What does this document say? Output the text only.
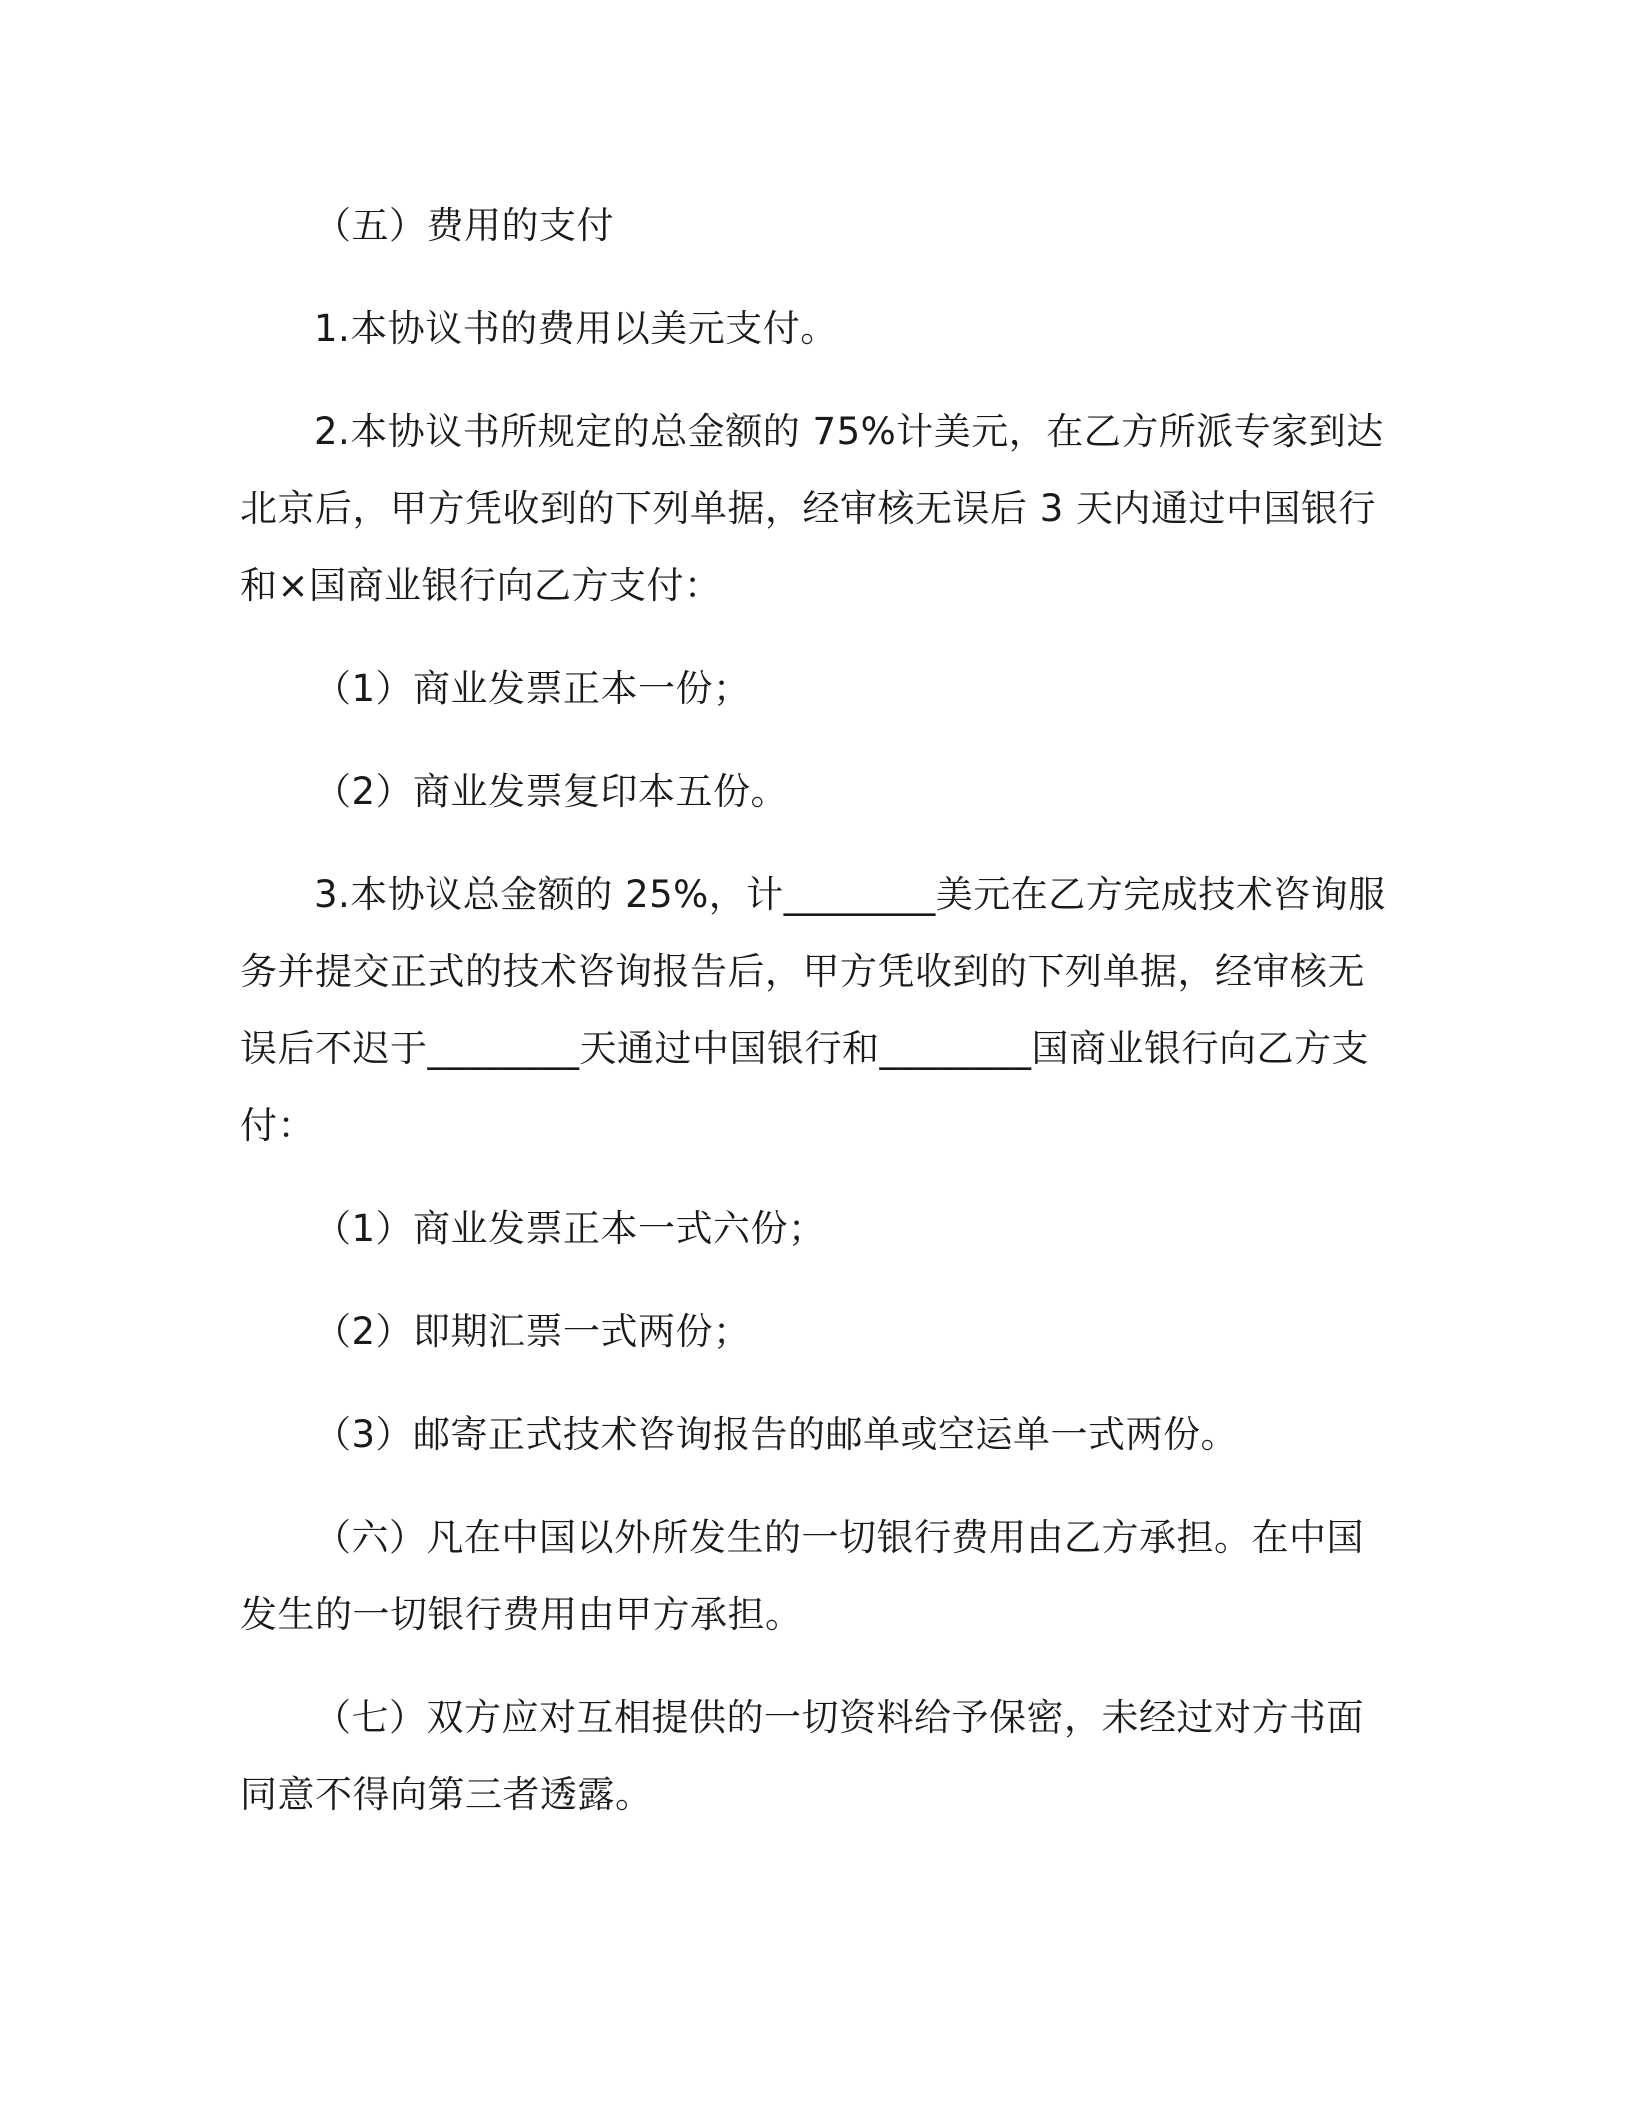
（五）费用的支付

1.本协议书的费用以美元支付。

2.本协议书所规定的总金额的 75%计美元，在乙方所派专家到达北京后，甲方凭收到的下列单据，经审核无误后 3 天内通过中国银行和×国商业银行向乙方支付：

（1）商业发票正本一份；

（2）商业发票复印本五份。

3.本协议总金额的 25%，计________美元在乙方完成技术咨询服务并提交正式的技术咨询报告后，甲方凭收到的下列单据，经审核无误后不迟于________天通过中国银行和________国商业银行向乙方支付：

（1）商业发票正本一式六份；

（2）即期汇票一式两份；

（3）邮寄正式技术咨询报告的邮单或空运单一式两份。

（六）凡在中国以外所发生的一切银行费用由乙方承担。在中国发生的一切银行费用由甲方承担。

（七）双方应对互相提供的一切资料给予保密，未经过对方书面同意不得向第三者透露。
